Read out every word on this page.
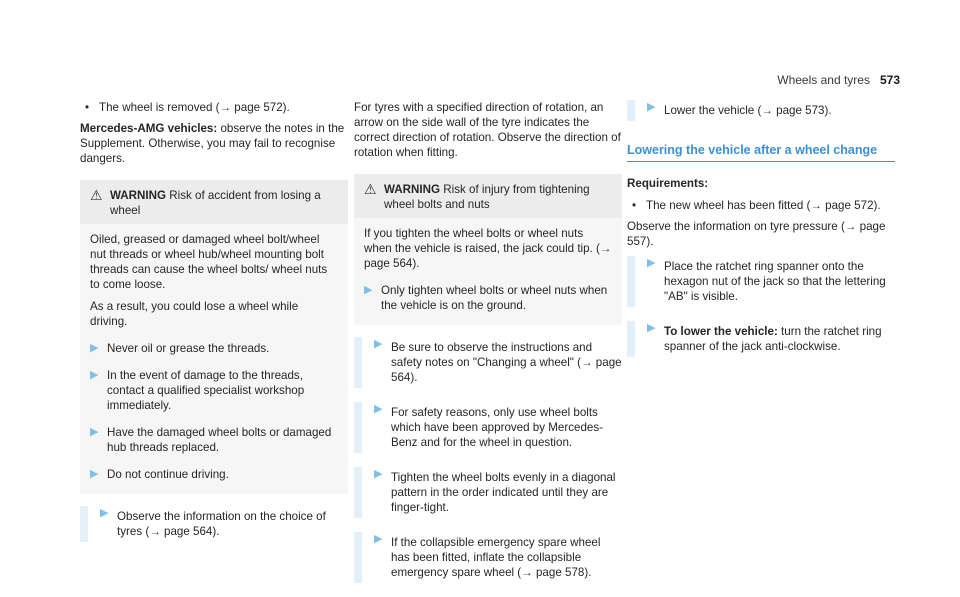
Wheels and tyres 573
• The wheel is removed (→ page 572).

Mercedes-AMG vehicles: observe the notes in the Supplement. Otherwise, you may fail to recognise dangers.

⚠ WARNING Risk of accident from losing a wheel

Oiled, greased or damaged wheel bolt/wheel nut threads or wheel hub/wheel mounting bolt threads can cause the wheel bolts/ wheel nuts to come loose.

As a result, you could lose a wheel while driving.

▶ Never oil or grease the threads.
▶ In the event of damage to the threads, contact a qualified specialist workshop immediately.
▶ Have the damaged wheel bolts or damaged hub threads replaced.
▶ Do not continue driving.
▶ Observe the information on the choice of tyres (→ page 564).

For tyres with a specified direction of rotation, an arrow on the side wall of the tyre indicates the correct direction of rotation. Observe the direction of rotation when fitting.

⚠ WARNING Risk of injury from tightening wheel bolts and nuts

If you tighten the wheel bolts or wheel nuts when the vehicle is raised, the jack could tip. (→ page 564).

▶ Only tighten wheel bolts or wheel nuts when the vehicle is on the ground.
▶ Be sure to observe the instructions and safety notes on "Changing a wheel" (→ page 564).
▶ For safety reasons, only use wheel bolts which have been approved by Mercedes-Benz and for the wheel in question.
▶ Tighten the wheel bolts evenly in a diagonal pattern in the order indicated until they are finger-tight.
▶ If the collapsible emergency spare wheel has been fitted, inflate the collapsible emergency spare wheel (→ page 578).
▶ Lower the vehicle (→ page 573).
Lowering the vehicle after a wheel change

Requirements:

• The new wheel has been fitted (→ page 572).

Observe the information on tyre pressure (→ page 557).

▶ Place the ratchet ring spanner onto the hexagon nut of the jack so that the lettering "AB" is visible.
▶ To lower the vehicle: turn the ratchet ring spanner of the jack anti-clockwise.
